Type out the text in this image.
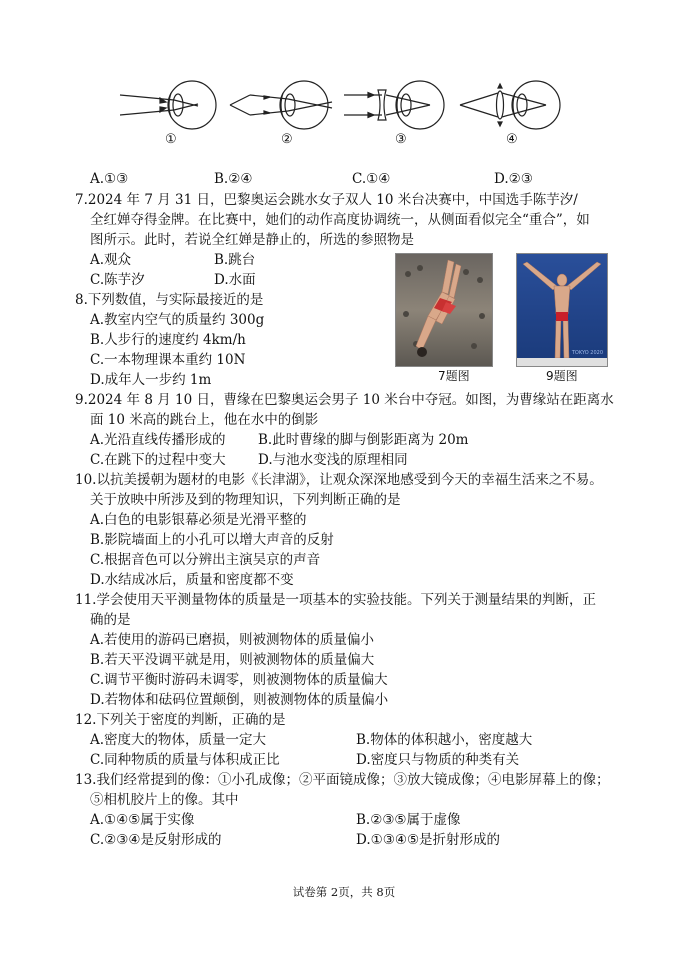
①	②	③	④
A.①③	B.②④	C.①④	D.②③
7.2024 年 7 月 31 日，巴黎奥运会跳水女子双人 10 米台决赛中，中国选手陈芋汐/
全红婵夺得金牌。在比赛中，她们的动作高度协调统一，从侧面看似完全“重合”，如
图所示。此时，若说全红婵是静止的，所选的参照物是
A.观众	B.跳台
C.陈芋汐	D.水面
7题图
TOKYO 2020
9题图
8.下列数值，与实际最接近的是
A.教室内空气的质量约 300g
B.人步行的速度约 4km/h
C.一本物理课本重约 10N
D.成年人一步约 1m
9.2024 年 8 月 10 日，曹缘在巴黎奥运会男子 10 米台中夺冠。如图，为曹缘站在距离水
面 10 米高的跳台上，他在水中的倒影
A.光沿直线传播形成的 B.此时曹缘的脚与倒影距离为 20m
C.在跳下的过程中变大 D.与池水变浅的原理相同
10.以抗美援朝为题材的电影《长津湖》，让观众深深地感受到今天的幸福生活来之不易。
关于放映中所涉及到的物理知识，下列判断正确的是
A.白色的电影银幕必须是光滑平整的
B.影院墙面上的小孔可以增大声音的反射
C.根据音色可以分辨出主演吴京的声音
D.水结成冰后，质量和密度都不变
11.学会使用天平测量物体的质量是一项基本的实验技能。下列关于测量结果的判断，正
确的是
A.若使用的游码已磨损，则被测物体的质量偏小
B.若天平没调平就是用，则被测物体的质量偏大
C.调节平衡时游码未调零，则被测物体的质量偏大
D.若物体和砝码位置颠倒，则被测物体的质量偏小
12.下列关于密度的判断，正确的是
A.密度大的物体，质量一定大	B.物体的体积越小，密度越大
C.同种物质的质量与体积成正比	D.密度只与物质的种类有关
13.我们经常提到的像：①小孔成像；②平面镜成像；③放大镜成像；④电影屏幕上的像；
⑤相机胶片上的像。其中
A.①④⑤属于实像	B.②③⑤属于虚像
C.②③④是反射形成的	D.①③④⑤是折射形成的
试卷第 2页，共 8页
